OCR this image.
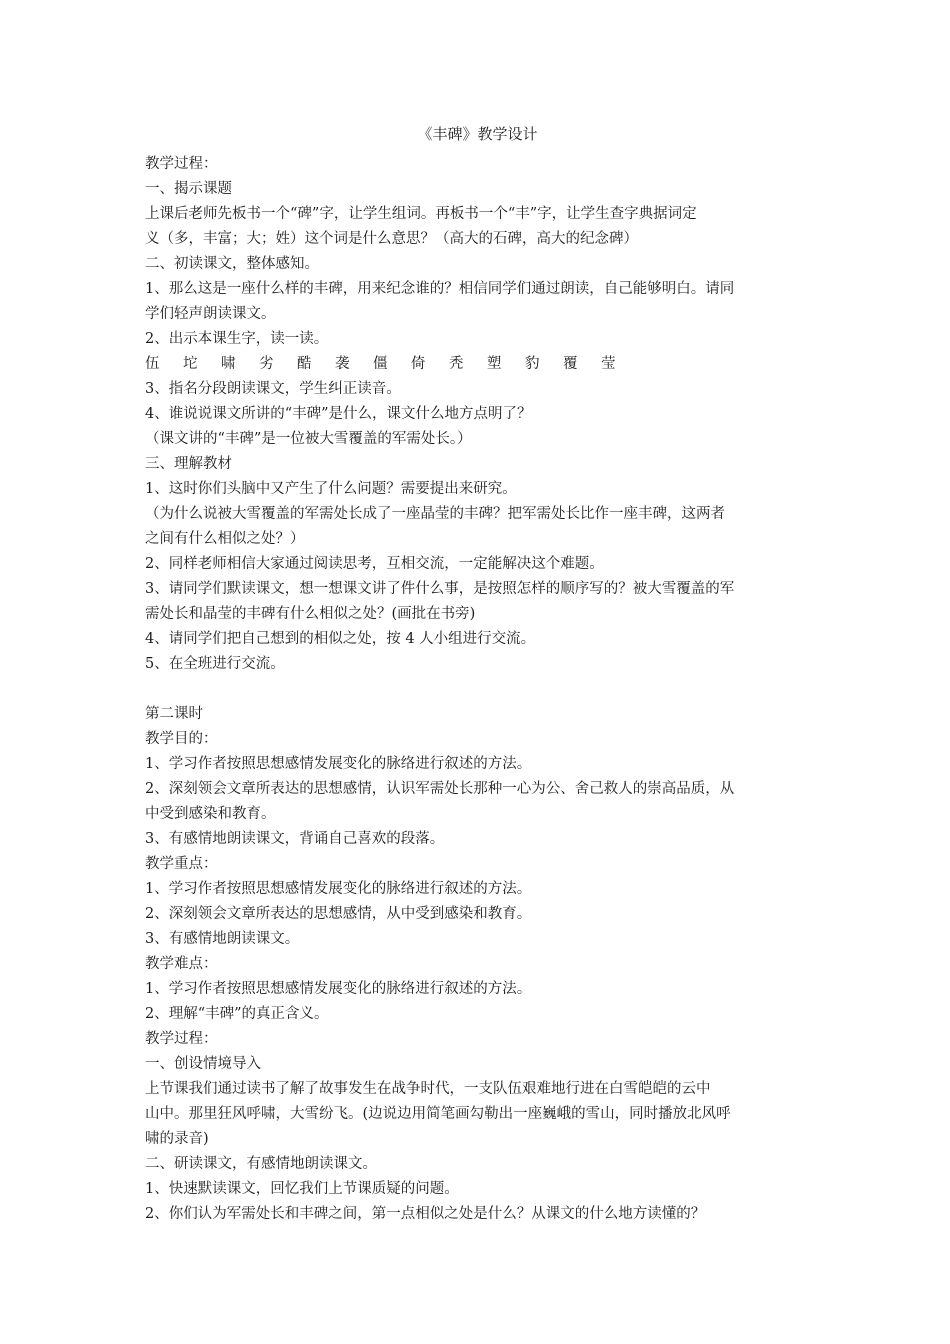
《丰碑》教学设计

教学过程：

一、揭示课题

上课后老师先板书一个“碑”字，让学生组词。再板书一个“丰”字，让学生查字典据词定

义（多，丰富；大；姓）这个词是什么意思？（高大的石碑，高大的纪念碑）

二、初读课文，整体感知。

1、那么这是一座什么样的丰碑，用来纪念谁的？相信同学们通过朗读，自己能够明白。请同

学们轻声朗读课文。

2、出示本课生字，读一读。

伍	坨	啸	劣	酷	袭	僵	倚	秃	塑	豹	覆	莹

3、指名分段朗读课文，学生纠正读音。

4、谁说说课文所讲的“丰碑”是什么，课文什么地方点明了？

（课文讲的“丰碑”是一位被大雪覆盖的军需处长。）

三、理解教材

1、这时你们头脑中又产生了什么问题？需要提出来研究。

（为什么说被大雪覆盖的军需处长成了一座晶莹的丰碑？把军需处长比作一座丰碑，这两者

之间有什么相似之处？）

2、同样老师相信大家通过阅读思考，互相交流，一定能解决这个难题。

3、请同学们默读课文，想一想课文讲了件什么事，是按照怎样的顺序写的？被大雪覆盖的军

需处长和晶莹的丰碑有什么相似之处？(画批在书旁)

4、请同学们把自己想到的相似之处，按 4 人小组进行交流。

5、在全班进行交流。

第二课时

教学目的：

1、学习作者按照思想感情发展变化的脉络进行叙述的方法。

2、深刻领会文章所表达的思想感情，认识军需处长那种一心为公、舍己救人的崇高品质，从

中受到感染和教育。

3、有感情地朗读课文，背诵自己喜欢的段落。

教学重点：

1、学习作者按照思想感情发展变化的脉络进行叙述的方法。

2、深刻领会文章所表达的思想感情，从中受到感染和教育。

3、有感情地朗读课文。

教学难点：

1、学习作者按照思想感情发展变化的脉络进行叙述的方法。

2、理解“丰碑”的真正含义。

教学过程：

一、创设情境导入

上节课我们通过读书了解了故事发生在战争时代，一支队伍艰难地行进在白雪皑皑的云中

山中。那里狂风呼啸，大雪纷飞。(边说边用简笔画勾勒出一座巍峨的雪山，同时播放北风呼

啸的录音)

二、研读课文，有感情地朗读课文。

1、快速默读课文，回忆我们上节课质疑的问题。

2、你们认为军需处长和丰碑之间，第一点相似之处是什么？从课文的什么地方读懂的？
